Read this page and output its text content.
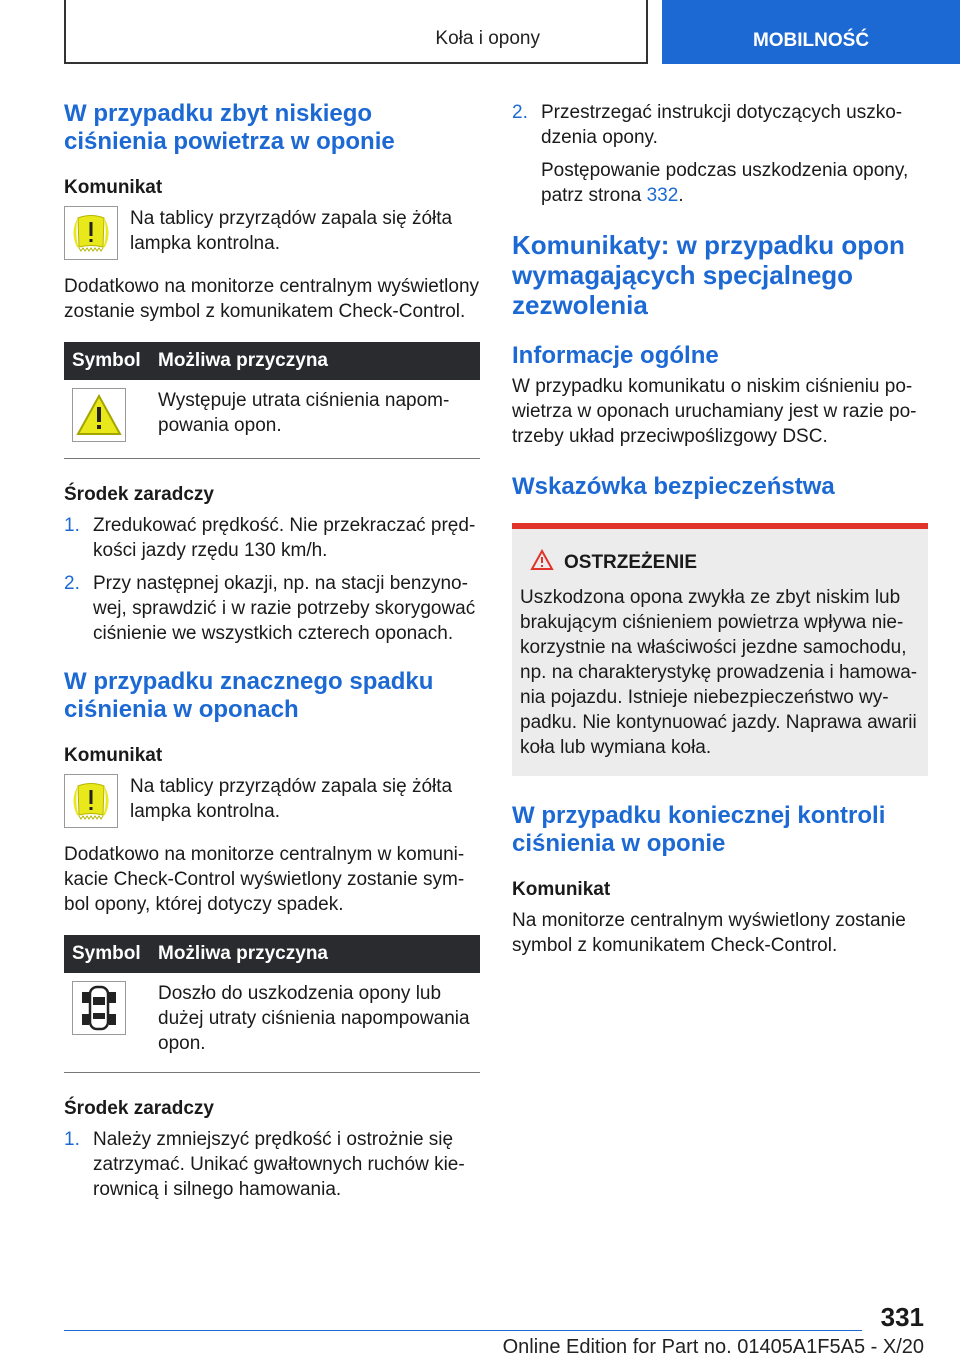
Koła i opony	MOBILNOŚĆ
W przypadku zbyt niskiego ciśnienia powietrza w oponie
Komunikat

Na tablicy przyrządów zapala się żółta lampka kontrolna.

Dodatkowo na monitorze centralnym wyświetlony zostanie symbol z komunikatem Check-Control.

Symbol	Możliwa przyczyna

	Występuje utrata ciśnienia napompowania opon.
Środek zaradczy
1. Zredukować prędkość. Nie przekraczać prędkości jazdy rzędu 130 km/h.
2. Przy następnej okazji, np. na stacji benzynowej, sprawdzić i w razie potrzeby skorygować ciśnienie we wszystkich czterech oponach.
W przypadku znacznego spadku ciśnienia w oponach
Komunikat

Na tablicy przyrządów zapala się żółta lampka kontrolna.

Dodatkowo na monitorze centralnym w komunikacie Check-Control wyświetlony zostanie symbol opony, której dotyczy spadek.

Symbol	Możliwa przyczyna

	Doszło do uszkodzenia opony lub dużej utraty ciśnienia napompowania opon.
Środek zaradczy
1. Należy zmniejszyć prędkość i ostrożnie się zatrzymać. Unikać gwałtownych ruchów kierownicą i silnego hamowania.
2. Przestrzegać instrukcji dotyczących uszkodzenia opony.

Postępowanie podczas uszkodzenia opony, patrz strona 332.

Komunikaty: w przypadku opon wymagających specjalnego zezwolenia
Informacje ogólne

W przypadku komunikatu o niskim ciśnieniu powietrza w oponach uruchamiany jest w razie potrzeby układ przeciwpoślizgowy DSC.

Wskazówka bezpieczeństwa
OSTRZEŻENIE

Uszkodzona opona zwykła ze zbyt niskim lub brakującym ciśnieniem powietrza wpływa niekorzystnie na właściwości jezdne samochodu, np. na charakterystykę prowadzenia i hamowania pojazdu. Istnieje niebezpieczeństwo wypadku. Nie kontynuować jazdy. Naprawa awarii koła lub wymiana koła.

W przypadku koniecznej kontroli ciśnienia w oponie
Komunikat

Na monitorze centralnym wyświetlony zostanie symbol z komunikatem Check-Control.

331
Online Edition for Part no. 01405A1F5A5 - X/20
